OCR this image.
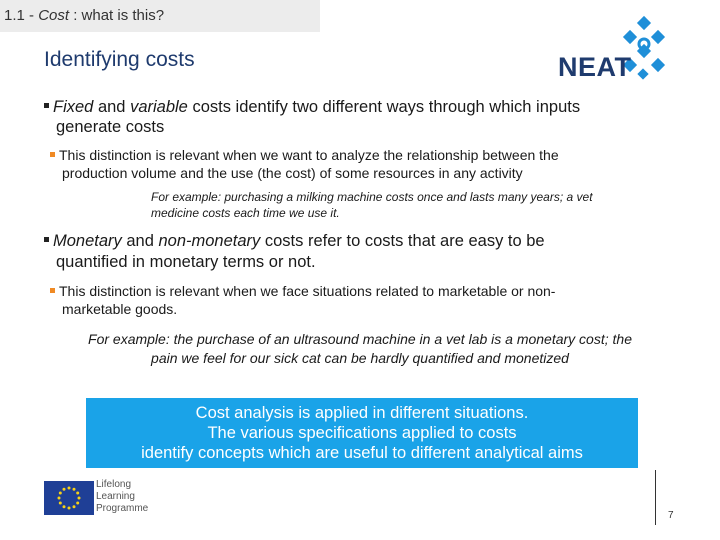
1.1 - Cost : what is this?
Identifying costs	NEAT
Fixed and variable costs identify two different ways through which inputs
generate costs
This distinction is relevant when we want to analyze the relationship between the
production volume and the use (the cost) of some resources in any activity
For example: purchasing a milking machine costs once and lasts many years; a vet
medicine costs each time we use it.
Monetary and non-monetary costs refer to costs that are easy to be
quantified in monetary terms or not.
This distinction is relevant when we face situations related to marketable or non-
marketable goods.
For example: the purchase of an ultrasound machine in a vet lab is a monetary cost; the
pain we feel for our sick cat can be hardly quantified and monetized
Cost analysis is applied in different situations.
The various specifications applied to costs
identify concepts which are useful to different analytical aims
Lifelong
Learning
Programme
7
